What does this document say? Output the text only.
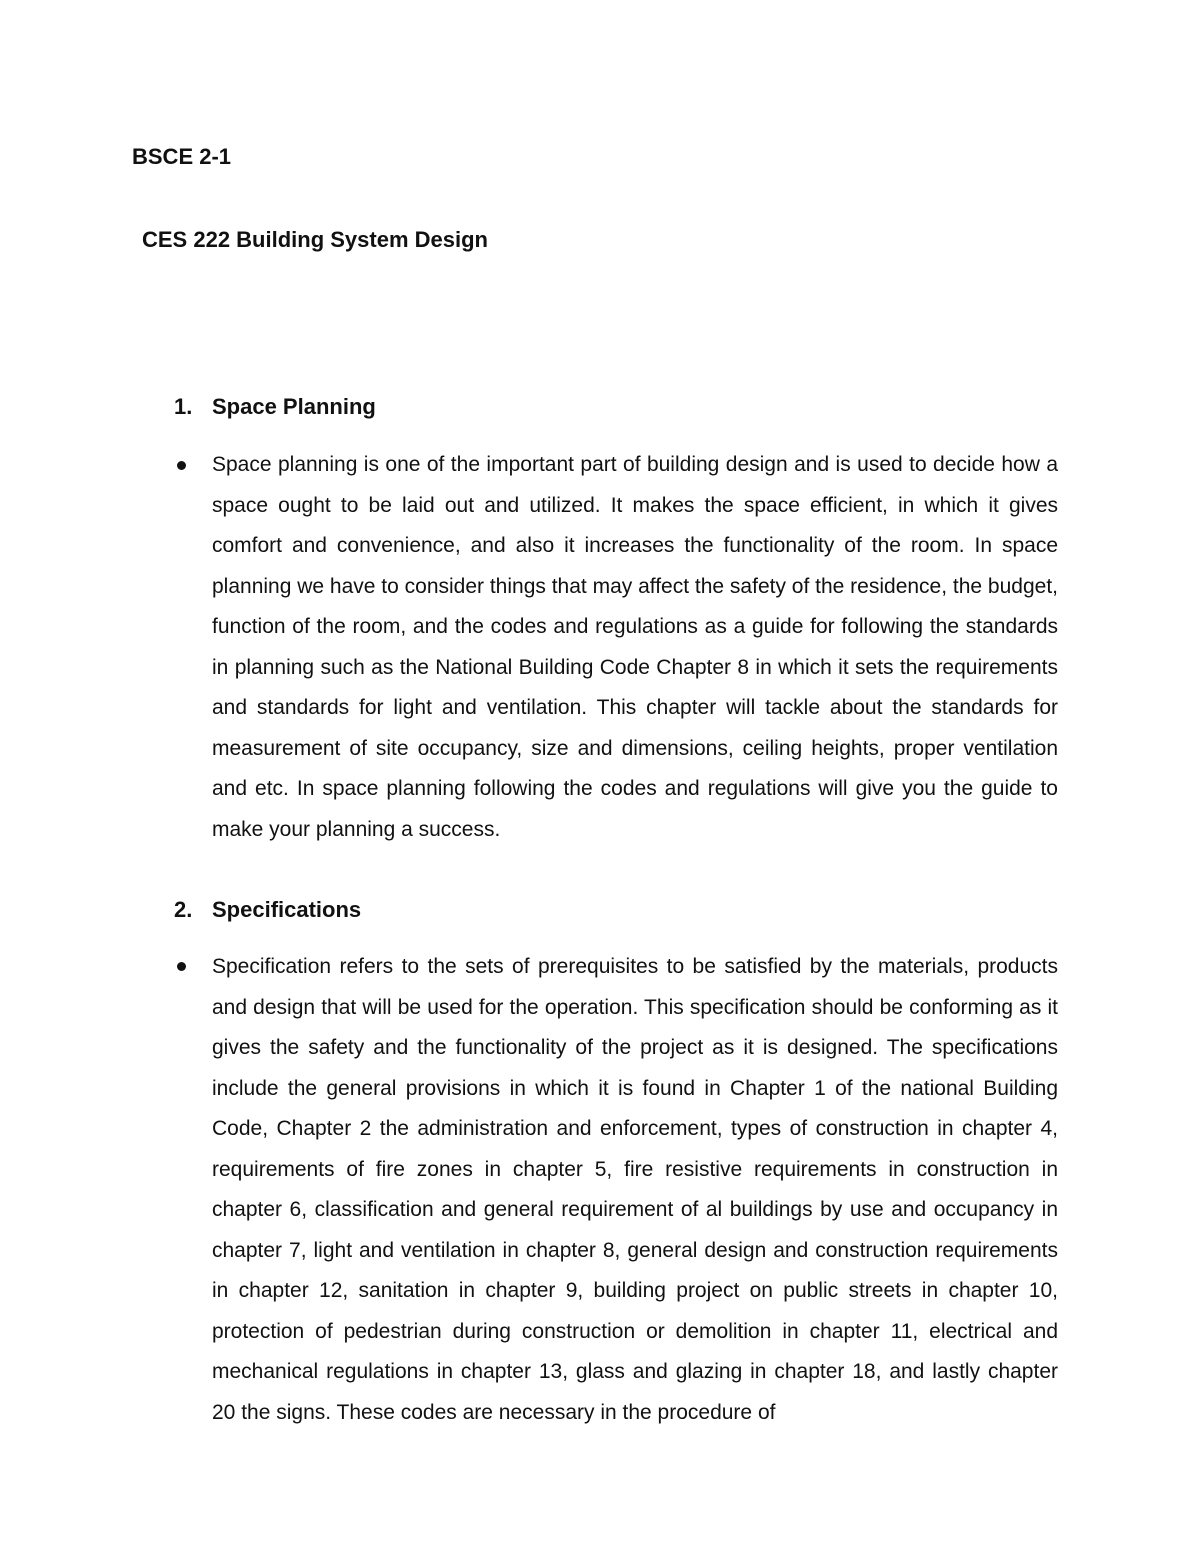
BSCE 2-1
CES 222 Building System Design
1. Space Planning

Space planning is one of the important part of building design and is used to decide how a space ought to be laid out and utilized. It makes the space efficient, in which it gives comfort and convenience, and also it increases the functionality of the room. In space planning we have to consider things that may affect the safety of the residence, the budget, function of the room, and the codes and regulations as a guide for following the standards in planning such as the National Building Code Chapter 8 in which it sets the requirements and standards for light and ventilation. This chapter will tackle about the standards for measurement of site occupancy, size and dimensions, ceiling heights, proper ventilation and etc. In space planning following the codes and regulations will give you the guide to make your planning a success.

2. Specifications

Specification refers to the sets of prerequisites to be satisfied by the materials, products and design that will be used for the operation. This specification should be conforming as it gives the safety and the functionality of the project as it is designed. The specifications include the general provisions in which it is found in Chapter 1 of the national Building Code, Chapter 2 the administration and enforcement, types of construction in chapter 4, requirements of fire zones in chapter 5, fire resistive requirements in construction in chapter 6, classification and general requirement of al buildings by use and occupancy in chapter 7, light and ventilation in chapter 8, general design and construction requirements in chapter 12, sanitation in chapter 9, building project on public streets in chapter 10, protection of pedestrian during construction or demolition in chapter 11, electrical and mechanical regulations in chapter 13, glass and glazing in chapter 18, and lastly chapter 20 the signs. These codes are necessary in the procedure of
